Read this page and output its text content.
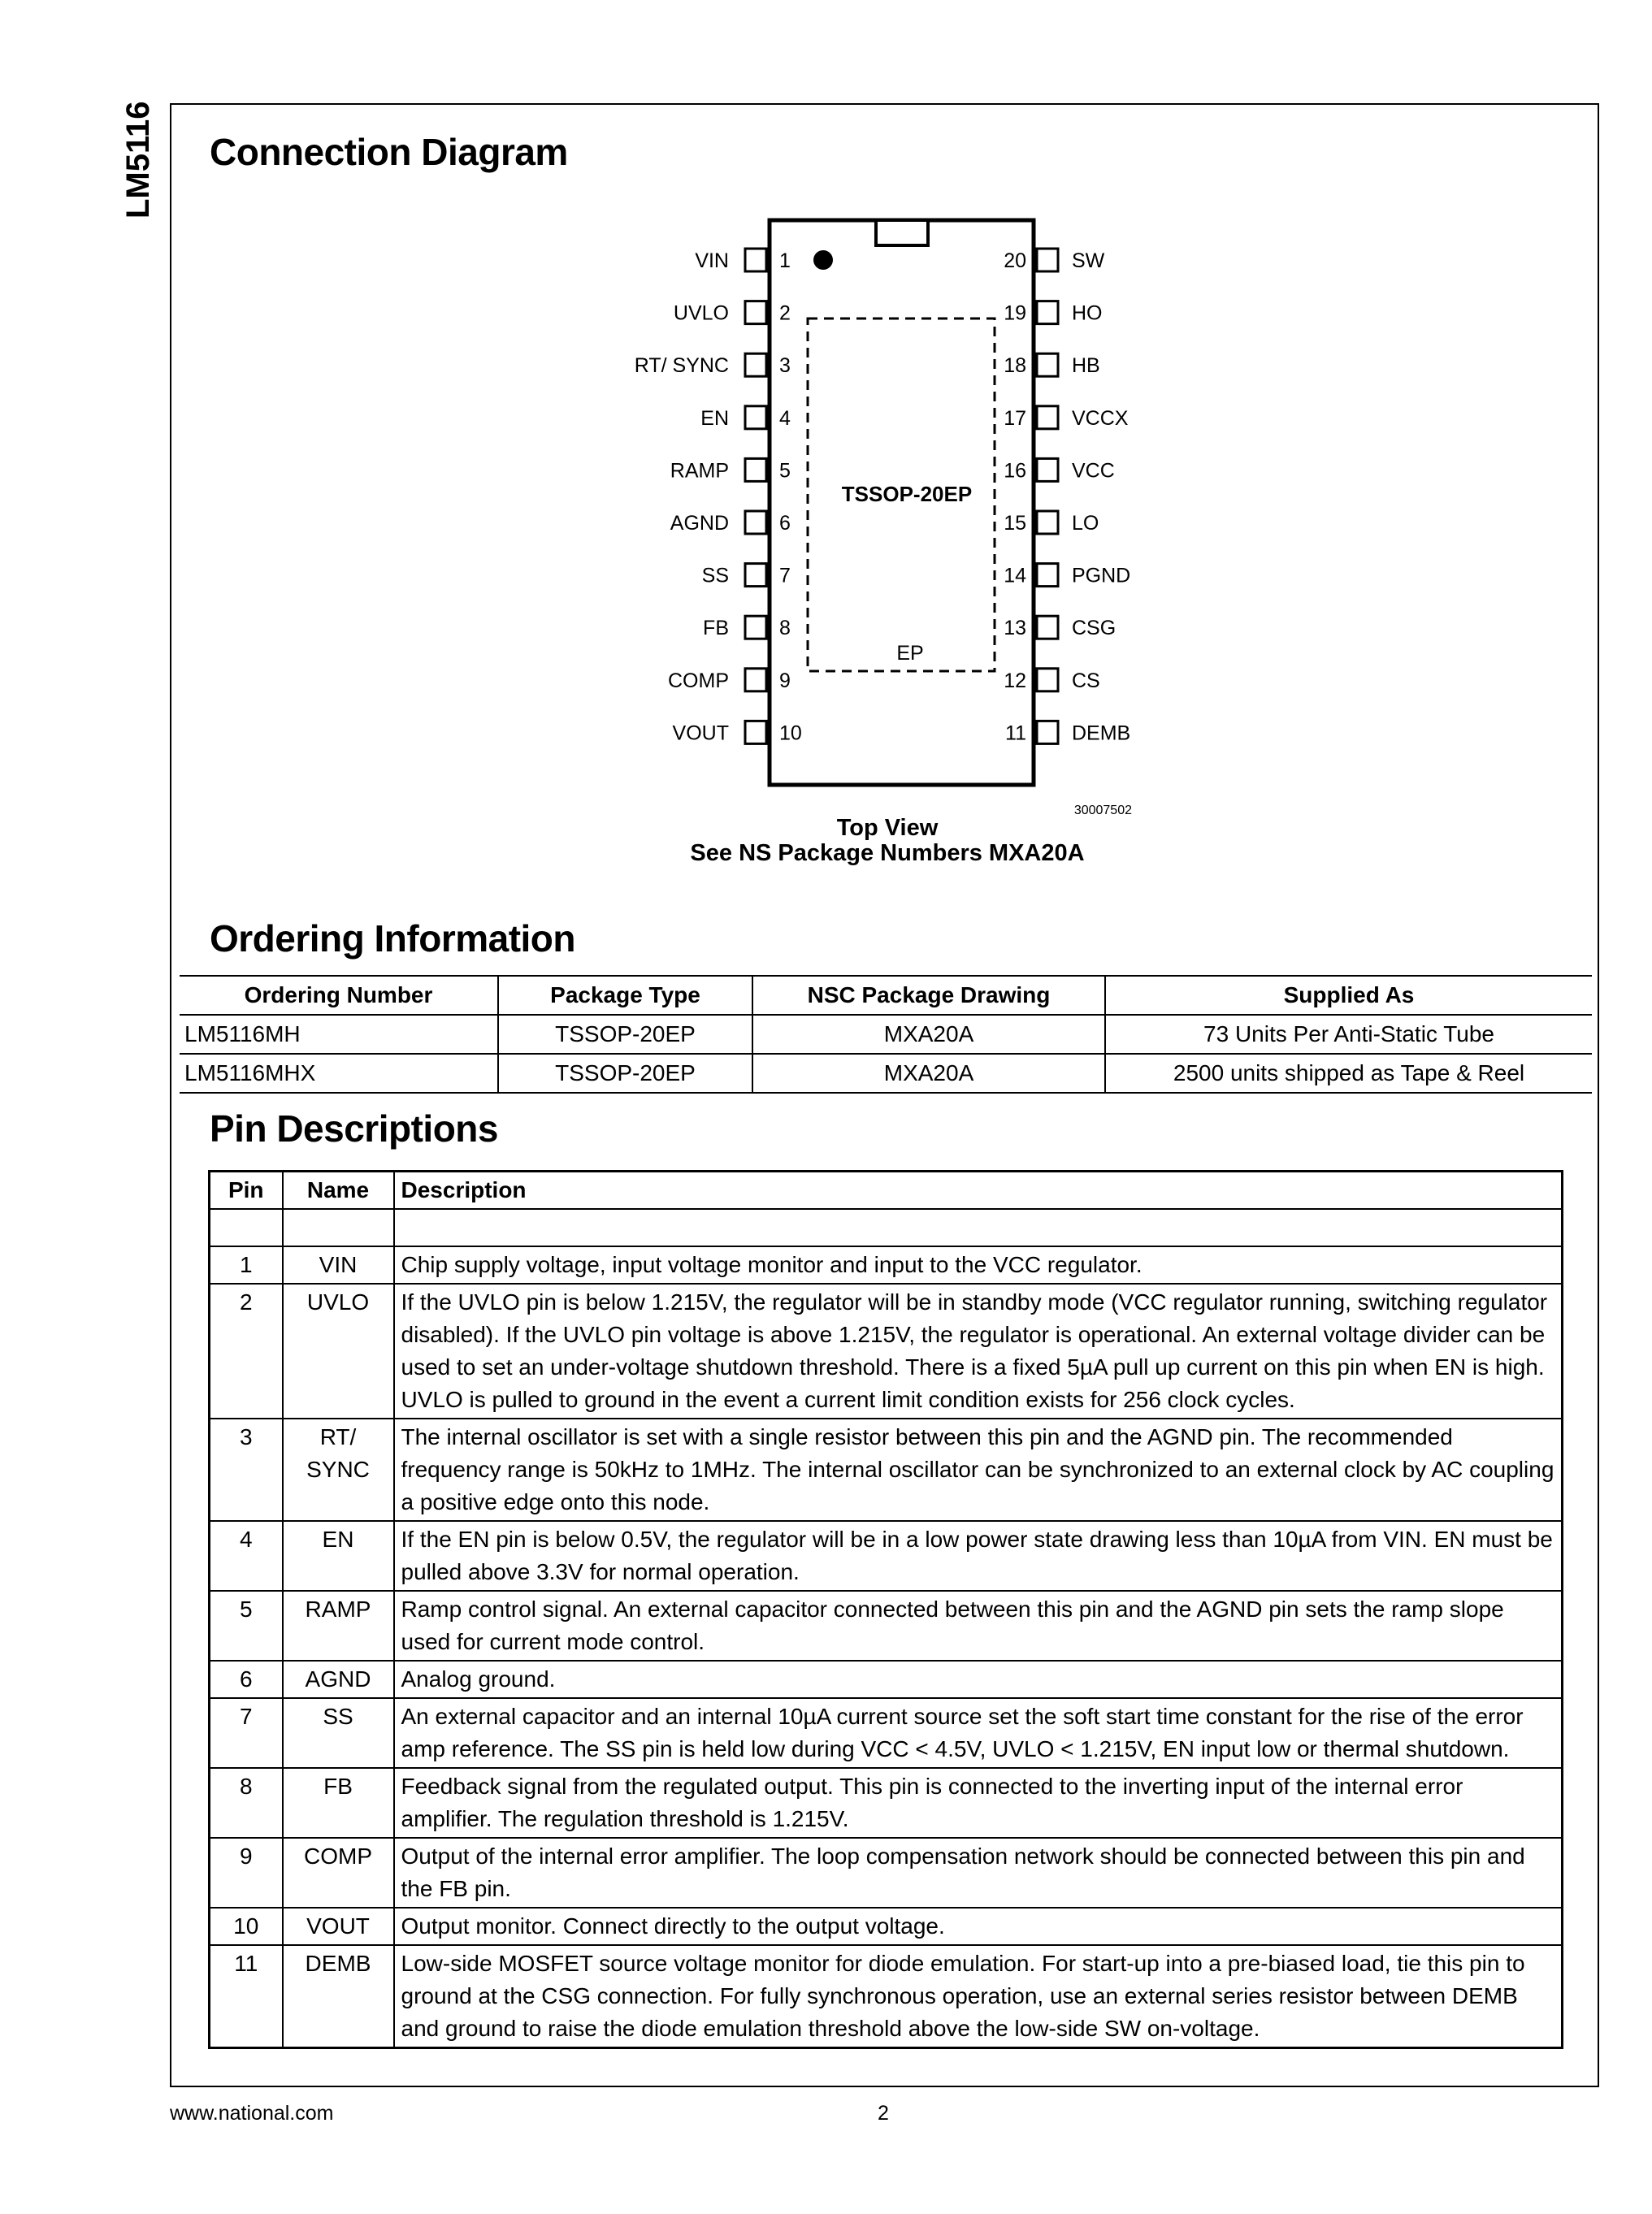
LM5116 Connection Diagram
TSSOP-20EP
EP
30007502
VIN 1
UVLO 2
RT/ SYNC 3
EN 4
RAMP 5
AGND 6
SS 7
FB 8
COMP 9
VOUT 10
20 SW
19 HO
18 HB
17 VCCX
16 VCC
15 LO
14 PGND
13 CSG
12 CS
11 DEMB
Top View
See NS Package Numbers MXA20A
Ordering Information
Ordering Number	Package Type	NSC Package Drawing	Supplied As
LM5116MH	TSSOP-20EP	MXA20A	73 Units Per Anti-Static Tube
LM5116MHX	TSSOP-20EP	MXA20A	2500 units shipped as Tape & Reel
Pin Descriptions
Pin	Name	Description

1	VIN	Chip supply voltage, input voltage monitor and input to the VCC regulator.
2	UVLO	If the UVLO pin is below 1.215V, the regulator will be in standby mode (VCC regulator running, switching regulator disabled). If the UVLO pin voltage is above 1.215V, the regulator is operational. An external voltage divider can be used to set an under-voltage shutdown threshold. There is a fixed 5µA pull up current on this pin when EN is high. UVLO is pulled to ground in the event a current limit condition exists for 256 clock cycles.
3	RT/ SYNC	The internal oscillator is set with a single resistor between this pin and the AGND pin. The recommended frequency range is 50kHz to 1MHz. The internal oscillator can be synchronized to an external clock by AC coupling a positive edge onto this node.
4	EN	If the EN pin is below 0.5V, the regulator will be in a low power state drawing less than 10µA from VIN. EN must be pulled above 3.3V for normal operation.
5	RAMP	Ramp control signal. An external capacitor connected between this pin and the AGND pin sets the ramp slope used for current mode control.
6	AGND	Analog ground.
7	SS	An external capacitor and an internal 10µA current source set the soft start time constant for the rise of the error amp reference. The SS pin is held low during VCC < 4.5V, UVLO < 1.215V, EN input low or thermal shutdown.
8	FB	Feedback signal from the regulated output. This pin is connected to the inverting input of the internal error amplifier. The regulation threshold is 1.215V.
9	COMP	Output of the internal error amplifier. The loop compensation network should be connected between this pin and the FB pin.
10	VOUT	Output monitor. Connect directly to the output voltage.
11	DEMB	Low-side MOSFET source voltage monitor for diode emulation. For start-up into a pre-biased load, tie this pin to ground at the CSG connection. For fully synchronous operation, use an external series resistor between DEMB and ground to raise the diode emulation threshold above the low-side SW on-voltage.
www.national.com	2
